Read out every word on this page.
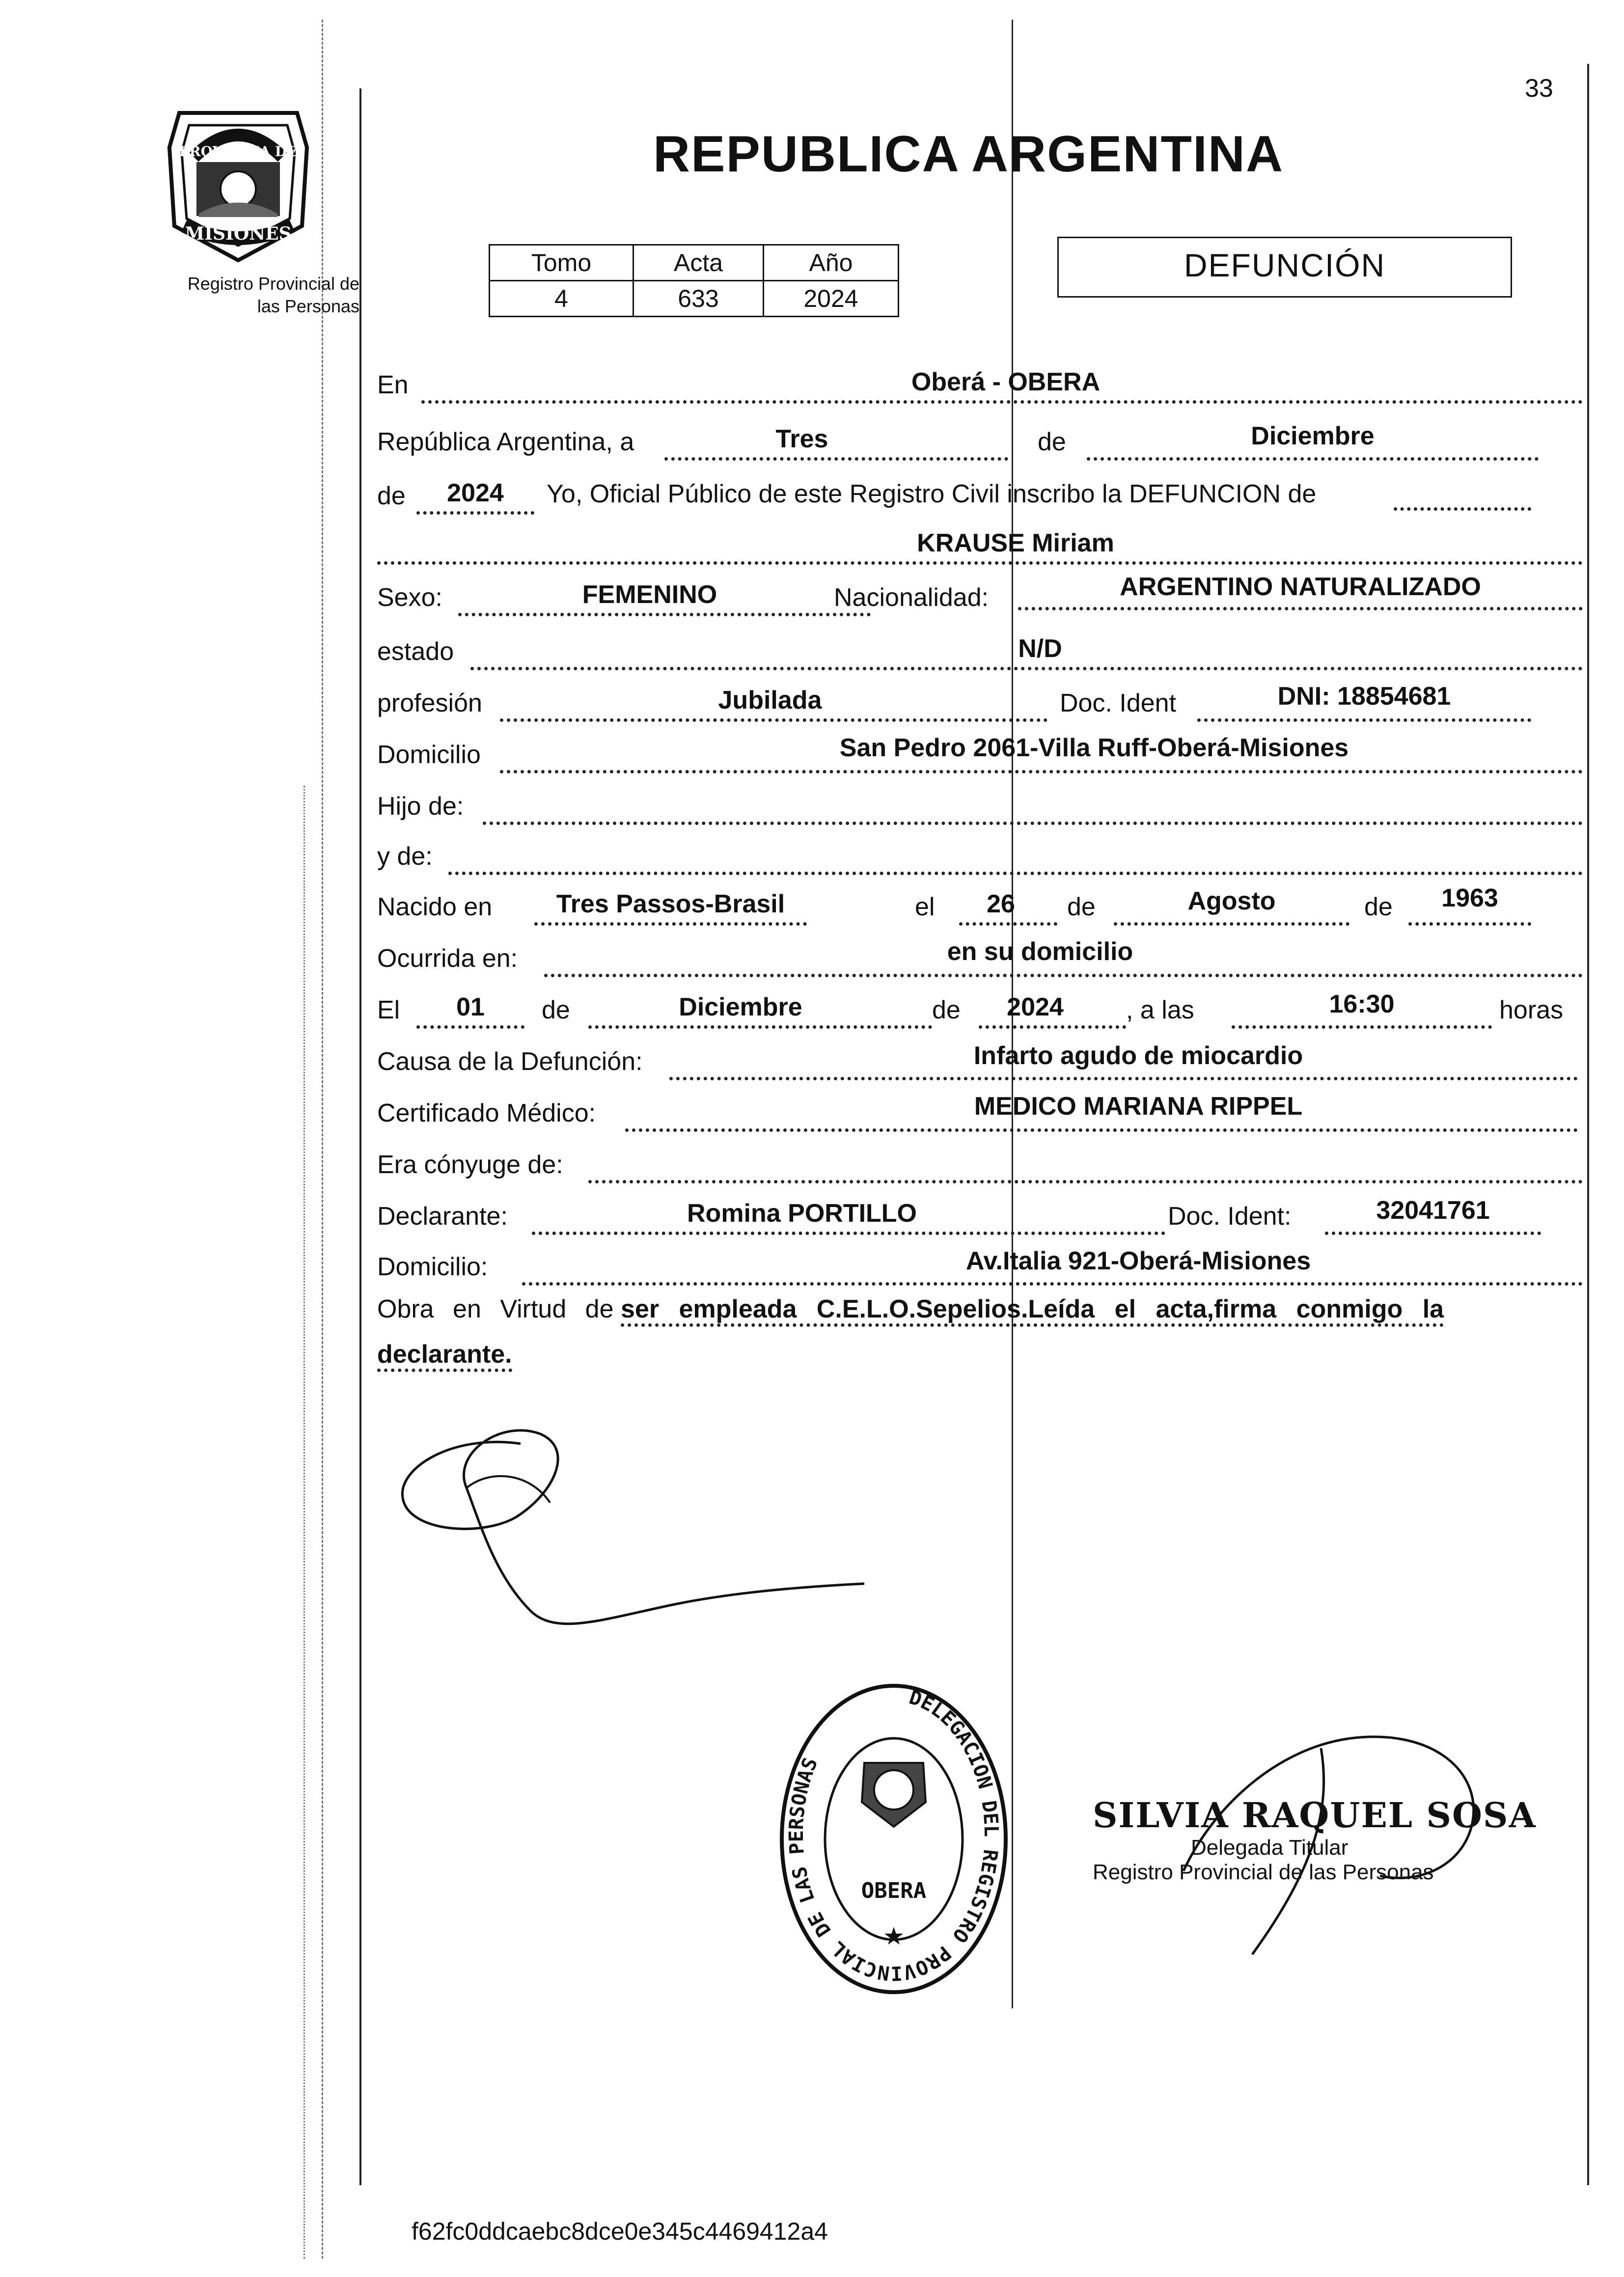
33
PROVINCIA DE
MISIONES
Registro Provincial de
las Personas
REPUBLICA ARGENTINA
Tomo	Acta	Año
4	633	2024
DEFUNCIÓN
En	Oberá - OBERA
República Argentina, a	Tres	de	Diciembre
de	2024	Yo, Oficial Público de este Registro Civil inscribo la DEFUNCION de
KRAUSE Miriam
Sexo:	FEMENINO	Nacionalidad:	ARGENTINO NATURALIZADO
estado	N/D
profesión	Jubilada	Doc. Ident	DNI: 18854681
Domicilio	San Pedro 2061-Villa Ruff-Oberá-Misiones
Hijo de:
y de:
Nacido en	Tres Passos-Brasil	el	26	de	Agosto	de	1963
Ocurrida en:	en su domicilio
El	01	de	Diciembre	de	2024	, a las	16:30	horas
Causa de la Defunción:	Infarto agudo de miocardio
Certificado Médico:	MEDICO MARIANA RIPPEL
Era cónyuge de:
Declarante:	Romina PORTILLO	Doc. Ident:	32041761
Domicilio:	Av.Italia 921-Oberá-Misiones
Obra en Virtud de ser empleada C.E.L.O.Sepelios.Leída el acta,firma conmigo la declarante.
DELEGACION DEL REGISTRO PROVINCIAL DE LAS PERSONAS
OBERA
★
SILVIA RAQUEL SOSA
Delegada Titular
Registro Provincial de las Personas
f62fc0ddcaebc8dce0e345c4469412a4
